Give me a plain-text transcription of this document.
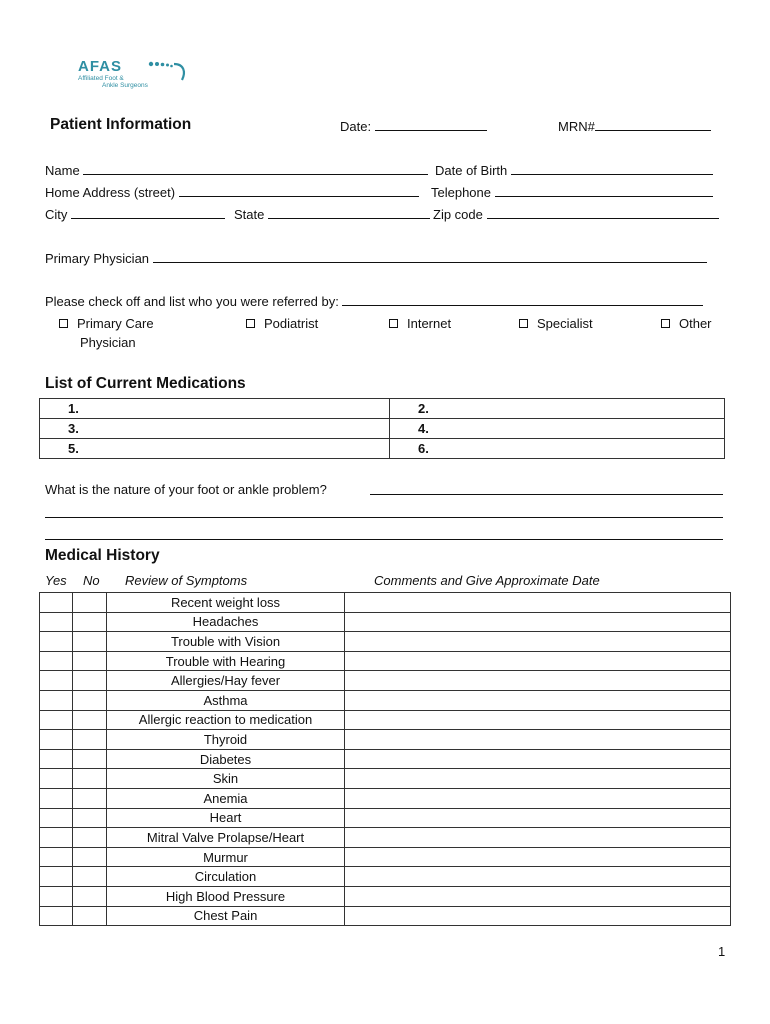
AFAS
Affiliated Foot &
Ankle Surgeons
Patient Information	Date:	MRN#
Name	Date of Birth
Home Address (street)	Telephone
City	State	Zip code
Primary Physician
Please check off and list who you were referred by:
Primary Care
Physician
Podiatrist	Internet	Specialist	Other
List of Current Medications
1.	2.
3.	4.
5.	6.
What is the nature of your foot or ankle problem?
Medical History
Yes No Review of Symptoms	Comments and Give Approximate Date
		Recent weight loss	
		Headaches	
		Trouble with Vision	
		Trouble with Hearing	
		Allergies/Hay fever	
		Asthma	
		Allergic reaction to medication	
		Thyroid	
		Diabetes	
		Skin	
		Anemia	
		Heart	
		Mitral Valve Prolapse/Heart	
		Murmur	
		Circulation	
		High Blood Pressure	
		Chest Pain	
1
